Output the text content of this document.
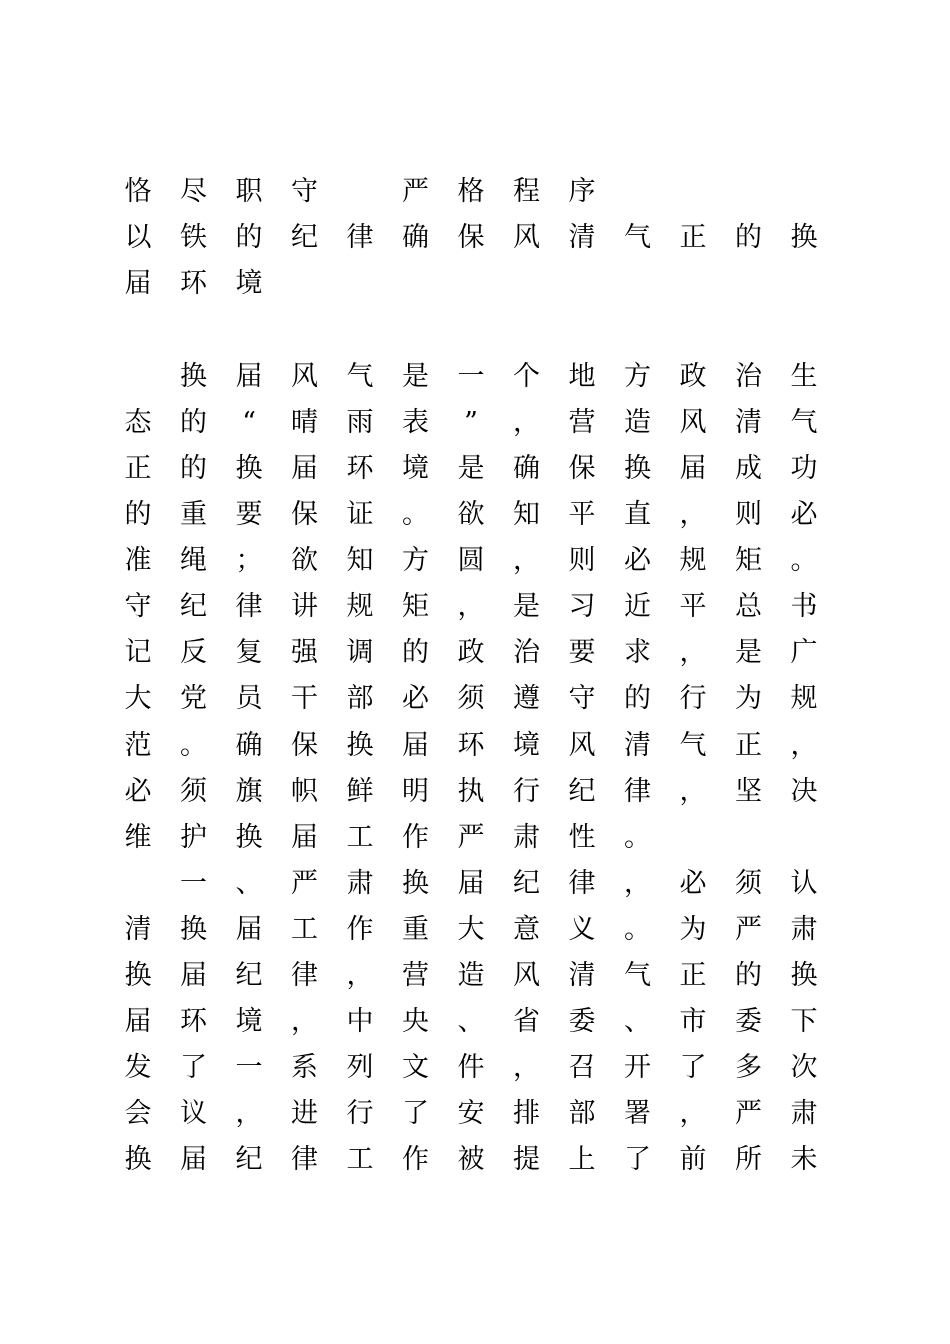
恪 尽 职 守
　	严 格 程 序
以 铁 的 纪 律 确 保 风 清 气 正 的 换
届 环 境

换 届 风 气 是 一 个 地 方 政 治 生
态 的 “ 晴 雨 表 ” ， 营 造 风 清 气
正 的 换 届 环 境 是 确 保 换 届 成 功
的 重 要 保 证 。 欲 知 平 直 ， 则 必
准 绳 ； 欲 知 方 圆 ， 则 必 规 矩 。
守 纪 律 讲 规 矩 ， 是 习 近 平 总 书
记 反 复 强 调 的 政 治 要 求 ， 是 广
大 党 员 干 部 必 须 遵 守 的 行 为 规
范 。 确 保 换 届 环 境 风 清 气 正 ，
必 须 旗 帜 鲜 明 执 行 纪 律 ， 坚 决
维 护 换 届 工 作 严 肃 性 。

一 、 严 肃 换 届 纪 律 ， 必 须 认
清 换 届 工 作 重 大 意 义 。 为 严 肃
换 届 纪 律 ， 营 造 风 清 气 正 的 换
届 环 境 ， 中 央 、 省 委 、 市 委 下
发 了 一 系 列 文 件 ， 召 开 了 多 次
会 议 ， 进 行 了 安 排 部 署 ， 严 肃
换 届 纪 律 工 作 被 提 上 了 前 所 未
